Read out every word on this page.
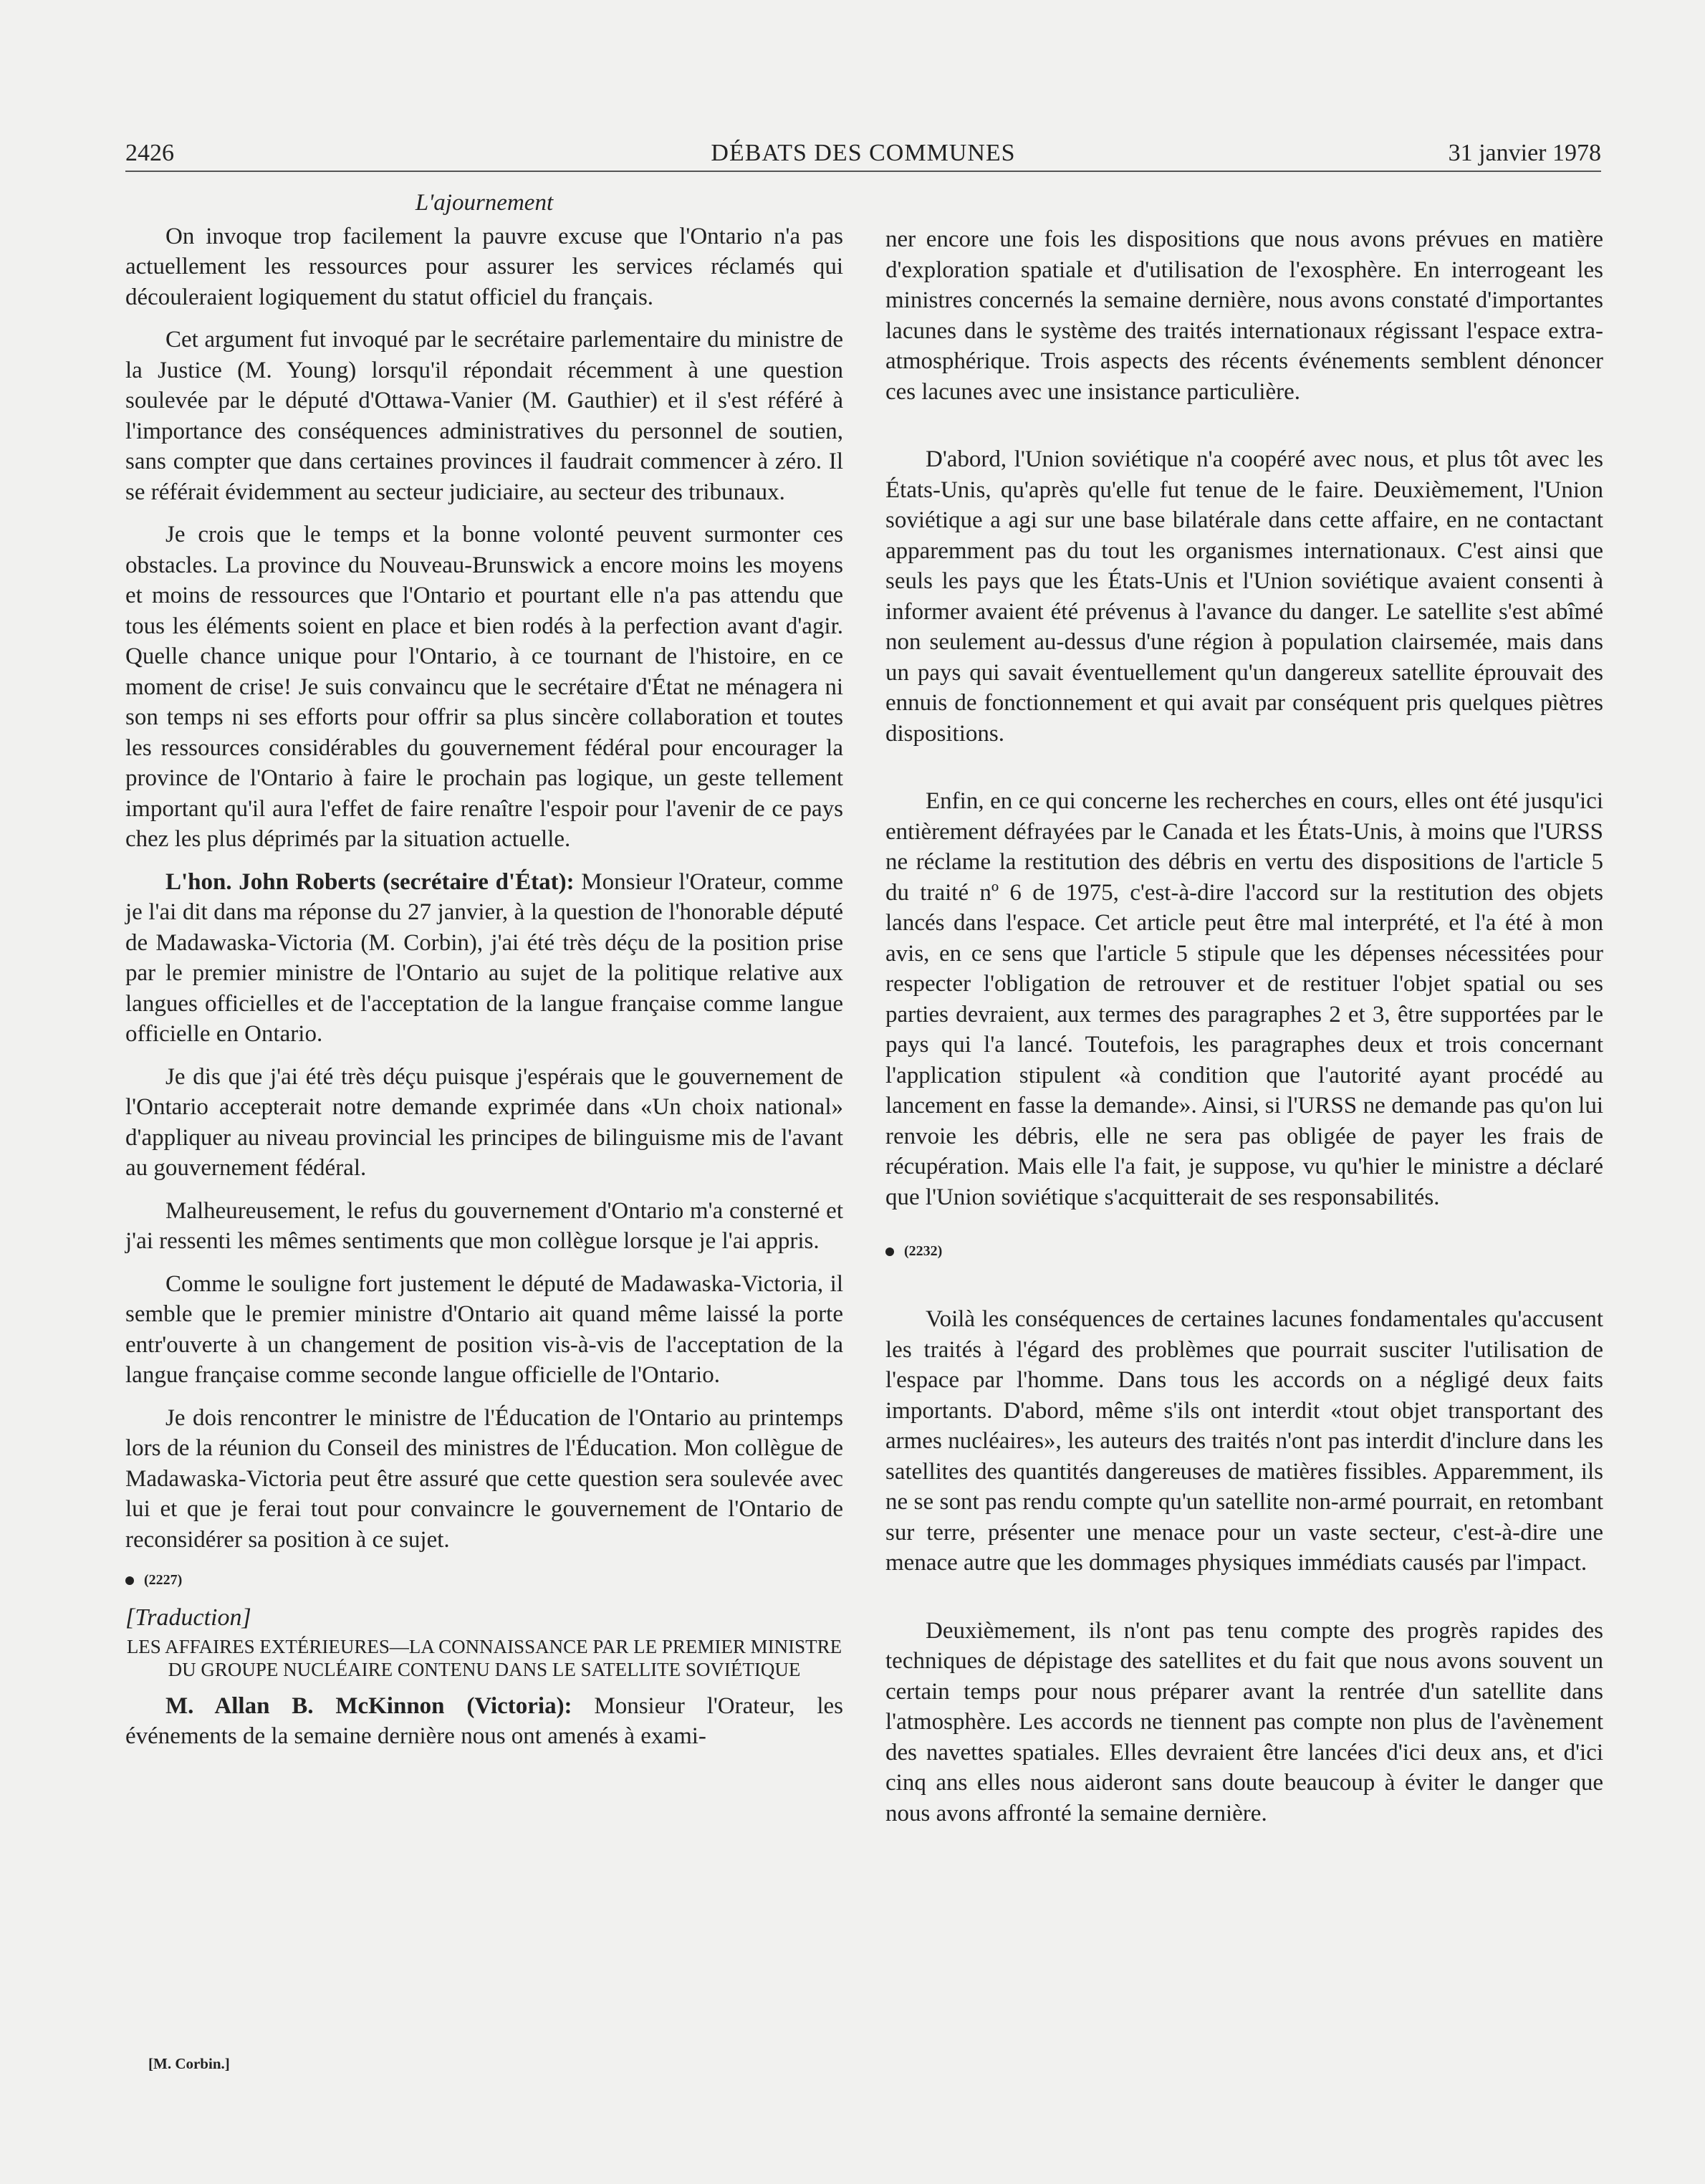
2426	DÉBATS DES COMMUNES	31 janvier 1978
L'ajournement

On invoque trop facilement la pauvre excuse que l'Ontario n'a pas actuellement les ressources pour assurer les services réclamés qui découleraient logiquement du statut officiel du français.

Cet argument fut invoqué par le secrétaire parlementaire du ministre de la Justice (M. Young) lorsqu'il répondait récemment à une question soulevée par le député d'Ottawa-Vanier (M. Gauthier) et il s'est référé à l'importance des conséquences administratives du personnel de soutien, sans compter que dans certaines provinces il faudrait commencer à zéro. Il se référait évidemment au secteur judiciaire, au secteur des tribunaux.

Je crois que le temps et la bonne volonté peuvent surmonter ces obstacles. La province du Nouveau-Brunswick a encore moins les moyens et moins de ressources que l'Ontario et pourtant elle n'a pas attendu que tous les éléments soient en place et bien rodés à la perfection avant d'agir. Quelle chance unique pour l'Ontario, à ce tournant de l'histoire, en ce moment de crise! Je suis convaincu que le secrétaire d'État ne ménagera ni son temps ni ses efforts pour offrir sa plus sincère collaboration et toutes les ressources considérables du gouvernement fédéral pour encourager la province de l'Ontario à faire le prochain pas logique, un geste tellement important qu'il aura l'effet de faire renaître l'espoir pour l'avenir de ce pays chez les plus déprimés par la situation actuelle.

L'hon. John Roberts (secrétaire d'État): Monsieur l'Orateur, comme je l'ai dit dans ma réponse du 27 janvier, à la question de l'honorable député de Madawaska-Victoria (M. Corbin), j'ai été très déçu de la position prise par le premier ministre de l'Ontario au sujet de la politique relative aux langues officielles et de l'acceptation de la langue française comme langue officielle en Ontario.

Je dis que j'ai été très déçu puisque j'espérais que le gouvernement de l'Ontario accepterait notre demande exprimée dans «Un choix national» d'appliquer au niveau provincial les principes de bilinguisme mis de l'avant au gouvernement fédéral.

Malheureusement, le refus du gouvernement d'Ontario m'a consterné et j'ai ressenti les mêmes sentiments que mon collègue lorsque je l'ai appris.

Comme le souligne fort justement le député de Madawaska-Victoria, il semble que le premier ministre d'Ontario ait quand même laissé la porte entr'ouverte à un changement de position vis-à-vis de l'acceptation de la langue française comme seconde langue officielle de l'Ontario.

Je dois rencontrer le ministre de l'Éducation de l'Ontario au printemps lors de la réunion du Conseil des ministres de l'Éducation. Mon collègue de Madawaska-Victoria peut être assuré que cette question sera soulevée avec lui et que je ferai tout pour convaincre le gouvernement de l'Ontario de reconsidérer sa position à ce sujet.

(2227)
[Traduction]
LES AFFAIRES EXTÉRIEURES—LA CONNAISSANCE PAR LE PREMIER MINISTRE DU GROUPE NUCLÉAIRE CONTENU DANS LE SATELLITE SOVIÉTIQUE

M. Allan B. McKinnon (Victoria): Monsieur l'Orateur, les événements de la semaine dernière nous ont amenés à exami-

[M. Corbin.]

ner encore une fois les dispositions que nous avons prévues en matière d'exploration spatiale et d'utilisation de l'exosphère. En interrogeant les ministres concernés la semaine dernière, nous avons constaté d'importantes lacunes dans le système des traités internationaux régissant l'espace extra-atmosphérique. Trois aspects des récents événements semblent dénoncer ces lacunes avec une insistance particulière.

D'abord, l'Union soviétique n'a coopéré avec nous, et plus tôt avec les États-Unis, qu'après qu'elle fut tenue de le faire. Deuxièmement, l'Union soviétique a agi sur une base bilatérale dans cette affaire, en ne contactant apparemment pas du tout les organismes internationaux. C'est ainsi que seuls les pays que les États-Unis et l'Union soviétique avaient consenti à informer avaient été prévenus à l'avance du danger. Le satellite s'est abîmé non seulement au-dessus d'une région à population clairsemée, mais dans un pays qui savait éventuellement qu'un dangereux satellite éprouvait des ennuis de fonctionnement et qui avait par conséquent pris quelques piètres dispositions.

Enfin, en ce qui concerne les recherches en cours, elles ont été jusqu'ici entièrement défrayées par le Canada et les États-Unis, à moins que l'URSS ne réclame la restitution des débris en vertu des dispositions de l'article 5 du traité nº 6 de 1975, c'est-à-dire l'accord sur la restitution des objets lancés dans l'espace. Cet article peut être mal interprété, et l'a été à mon avis, en ce sens que l'article 5 stipule que les dépenses nécessitées pour respecter l'obligation de retrouver et de restituer l'objet spatial ou ses parties devraient, aux termes des paragraphes 2 et 3, être supportées par le pays qui l'a lancé. Toutefois, les paragraphes deux et trois concernant l'application stipulent «à condition que l'autorité ayant procédé au lancement en fasse la demande». Ainsi, si l'URSS ne demande pas qu'on lui renvoie les débris, elle ne sera pas obligée de payer les frais de récupération. Mais elle l'a fait, je suppose, vu qu'hier le ministre a déclaré que l'Union soviétique s'acquitterait de ses responsabilités.

(2232)

Voilà les conséquences de certaines lacunes fondamentales qu'accusent les traités à l'égard des problèmes que pourrait susciter l'utilisation de l'espace par l'homme. Dans tous les accords on a négligé deux faits importants. D'abord, même s'ils ont interdit «tout objet transportant des armes nucléaires», les auteurs des traités n'ont pas interdit d'inclure dans les satellites des quantités dangereuses de matières fissibles. Apparemment, ils ne se sont pas rendu compte qu'un satellite non-armé pourrait, en retombant sur terre, présenter une menace pour un vaste secteur, c'est-à-dire une menace autre que les dommages physiques immédiats causés par l'impact.

Deuxièmement, ils n'ont pas tenu compte des progrès rapides des techniques de dépistage des satellites et du fait que nous avons souvent un certain temps pour nous préparer avant la rentrée d'un satellite dans l'atmosphère. Les accords ne tiennent pas compte non plus de l'avènement des navettes spatiales. Elles devraient être lancées d'ici deux ans, et d'ici cinq ans elles nous aideront sans doute beaucoup à éviter le danger que nous avons affronté la semaine dernière.
